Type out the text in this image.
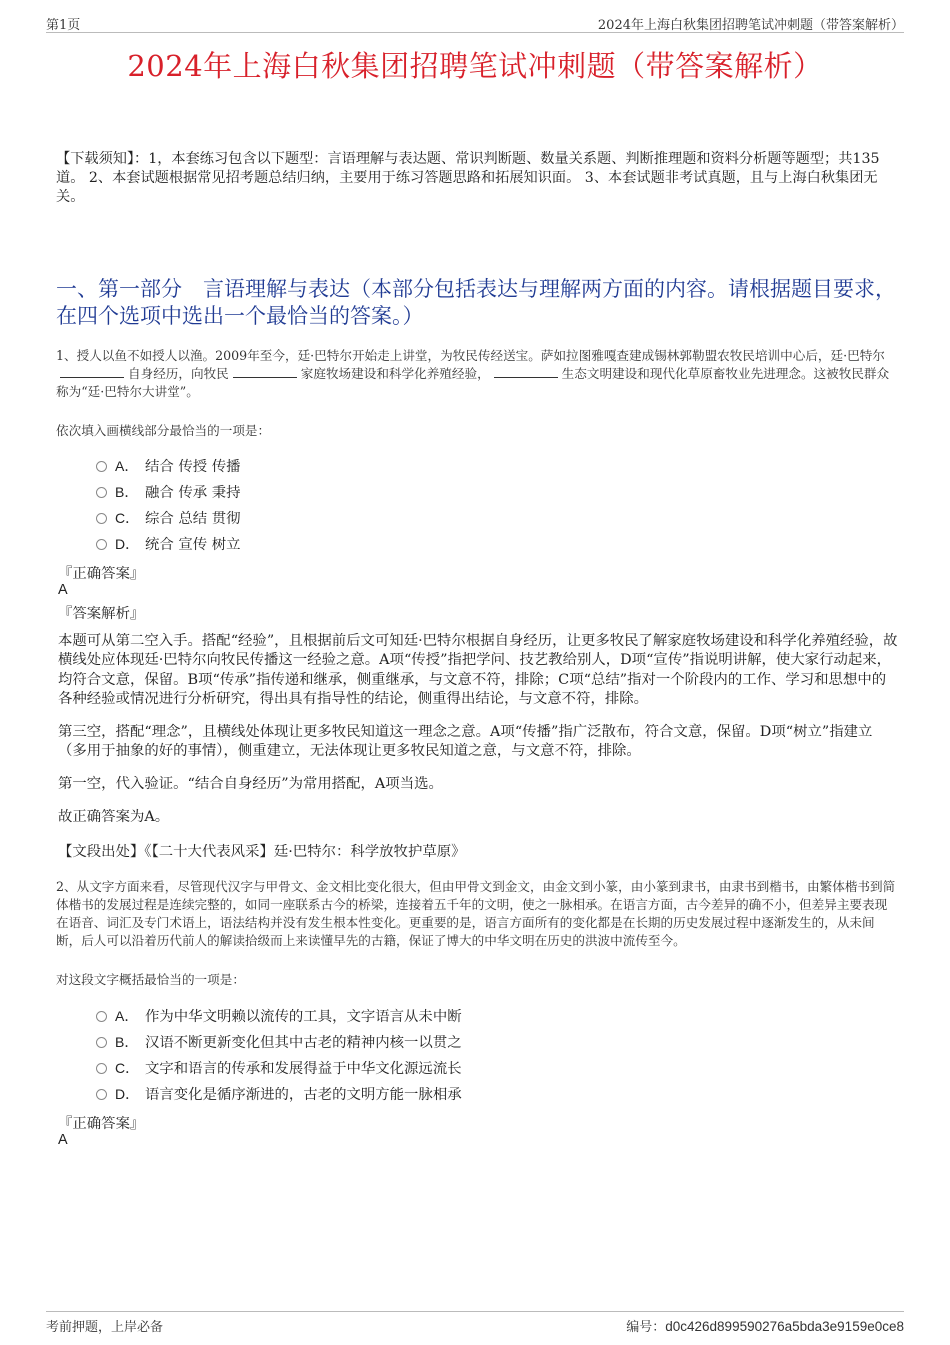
第1页	2024年上海白秋集团招聘笔试冲刺题（带答案解析）
2024年上海白秋集团招聘笔试冲刺题（带答案解析）
【下载须知】：1，本套练习包含以下题型：言语理解与表达题、常识判断题、数量关系题、判断推理题和资料分析题等题型；共135道。 2、本套试题根据常见招考题总结归纳，主要用于练习答题思路和拓展知识面。 3、本套试题非考试真题，且与上海白秋集团无关。
一、第一部分　言语理解与表达（本部分包括表达与理解两方面的内容。请根据题目要求，在四个选项中选出一个最恰当的答案。）
1、授人以鱼不如授人以渔。2009年至今，廷·巴特尔开始走上讲堂，为牧民传经送宝。萨如拉图雅嘎查建成锡林郭勒盟农牧民培训中心后，廷·巴特尔自身经历，向牧民	家庭牧场建设和科学化养殖经验，	生态文明建设和现代化草原畜牧业先进理念。这被牧民群众称为“廷·巴特尔大讲堂”。
依次填入画横线部分最恰当的一项是：
A． 结合 传授 传播
B． 融合 传承 秉持
C． 综合 总结 贯彻
D． 统合 宣传 树立
『正确答案』
A
『答案解析』
本题可从第二空入手。搭配“经验”，且根据前后文可知廷·巴特尔根据自身经历，让更多牧民了解家庭牧场建设和科学化养殖经验，故横线处应体现廷·巴特尔向牧民传播这一经验之意。A项“传授”指把学问、技艺教给别人，D项“宣传”指说明讲解，使大家行动起来，均符合文意，保留。B项“传承”指传递和继承，侧重继承，与文意不符，排除；C项“总结”指对一个阶段内的工作、学习和思想中的各种经验或情况进行分析研究，得出具有指导性的结论，侧重得出结论，与文意不符，排除。
第三空，搭配“理念”，且横线处体现让更多牧民知道这一理念之意。A项“传播”指广泛散布，符合文意，保留。D项“树立”指建立（多用于抽象的好的事情），侧重建立，无法体现让更多牧民知道之意，与文意不符，排除。
第一空，代入验证。“结合自身经历”为常用搭配，A项当选。
故正确答案为A。
【文段出处】《【二十大代表风采】廷·巴特尔：科学放牧护草原》
2、从文字方面来看，尽管现代汉字与甲骨文、金文相比变化很大，但由甲骨文到金文，由金文到小篆，由小篆到隶书，由隶书到楷书，由繁体楷书到简体楷书的发展过程是连续完整的，如同一座联系古今的桥梁，连接着五千年的文明，使之一脉相承。在语言方面，古今差异的确不小，但差异主要表现在语音、词汇及专门术语上，语法结构并没有发生根本性变化。更重要的是，语言方面所有的变化都是在长期的历史发展过程中逐渐发生的，从未间断，后人可以沿着历代前人的解读拾级而上来读懂早先的古籍，保证了博大的中华文明在历史的洪波中流传至今。
对这段文字概括最恰当的一项是：
A． 作为中华文明赖以流传的工具，文字语言从未中断
B． 汉语不断更新变化但其中古老的精神内核一以贯之
C． 文字和语言的传承和发展得益于中华文化源远流长
D． 语言变化是循序渐进的，古老的文明方能一脉相承
『正确答案』
A
考前押题，上岸必备	编号：d0c426d899590276a5bda3e9159e0ce8
